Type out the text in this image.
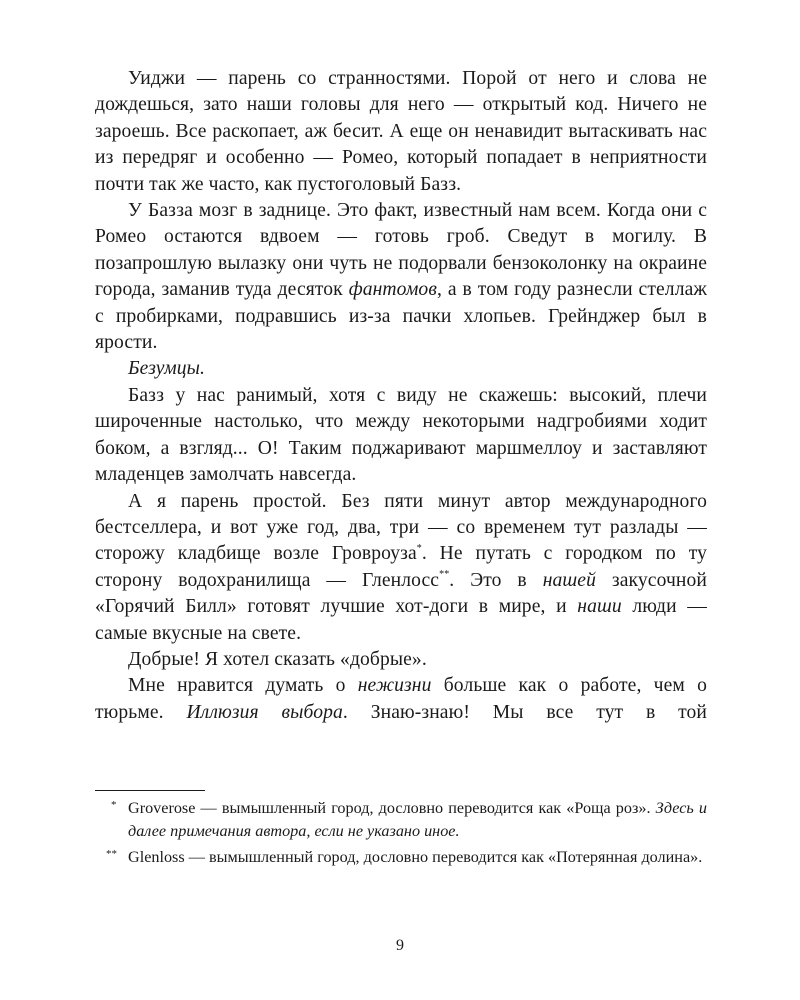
Уиджи — парень со странностями. Порой от него и слова не дождешься, зато наши головы для него — открытый код. Ничего не зароешь. Все раскопает, аж бесит. А еще он ненавидит вытаскивать нас из передряг и особенно — Ромео, который попадает в неприятности почти так же часто, как пустоголовый Базз.

У Базза мозг в заднице. Это факт, известный нам всем. Когда они с Ромео остаются вдвоем — готовь гроб. Сведут в могилу. В позапрошлую вылазку они чуть не подорвали бензоколонку на окраине города, заманив туда десяток фантомов, а в том году разнесли стеллаж с пробирками, подравшись из-за пачки хлопьев. Грейнджер был в ярости.

Безумцы.

Базз у нас ранимый, хотя с виду не скажешь: высокий, плечи широченные настолько, что между некоторыми надгробиями ходит боком, а взгляд... О! Таким поджаривают маршмеллоу и заставляют младенцев замолчать навсегда.

А я парень простой. Без пяти минут автор международного бестселлера, и вот уже год, два, три — со временем тут разлады — сторожу кладбище возле Гровроуза*. Не путать с городком по ту сторону водохранилища — Гленлосс**. Это в нашей закусочной «Горячий Билл» готовят лучшие хот-доги в мире, и наши люди — самые вкусные на свете.

Добрые! Я хотел сказать «добрые».

Мне нравится думать о нежизни больше как о работе, чем о тюрьме. Иллюзия выбора. Знаю-знаю! Мы все тут в той

* Groverose — вымышленный город, дословно переводится как «Роща роз». Здесь и далее примечания автора, если не указано иное.
** Glenloss — вымышленный город, дословно переводится как «Потерянная долина».
9
